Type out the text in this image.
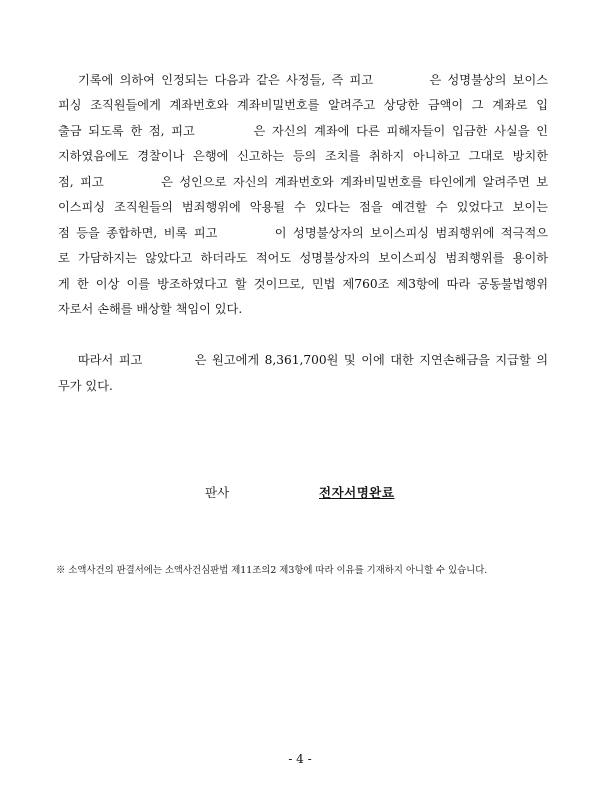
기록에 의하여 인정되는 다음과 같은 사정들, 즉 피고 　　　 은 성명불상의 보이스
피싱 조직원들에게 계좌번호와 계좌비밀번호를 알려주고 상당한 금액이 그 계좌로 입
출금 되도록 한 점, 피고 　　　 은 자신의 계좌에 다른 피해자들이 입금한 사실을 인
지하였음에도 경찰이나 은행에 신고하는 등의 조치를 취하지 아니하고 그대로 방치한
점, 피고 　　　 은 성인으로 자신의 계좌번호와 계좌비밀번호를 타인에게 알려주면 보
이스피싱 조직원들의 범죄행위에 악용될 수 있다는 점을 예견할 수 있었다고 보이는
점 등을 종합하면, 비록 피고 　　　 이 성명불상자의 보이스피싱 범죄행위에 적극적으
로 가담하지는 않았다고 하더라도 적어도 성명불상자의 보이스피싱 범죄행위를 용이하
게 한 이상 이를 방조하였다고 할 것이므로, 민법 제760조 제3항에 따라 공동불법행위
자로서 손해를 배상할 책임이 있다.
따라서 피고 　　　 은 원고에게 8,361,700원 및 이에 대한 지연손해금을 지급할 의
무가 있다.
판사	전자서명완료
※ 소액사건의 판결서에는 소액사건심판법 제11조의2 제3항에 따라 이유를 기재하지 아니할 수 있습니다.
- 4 -
